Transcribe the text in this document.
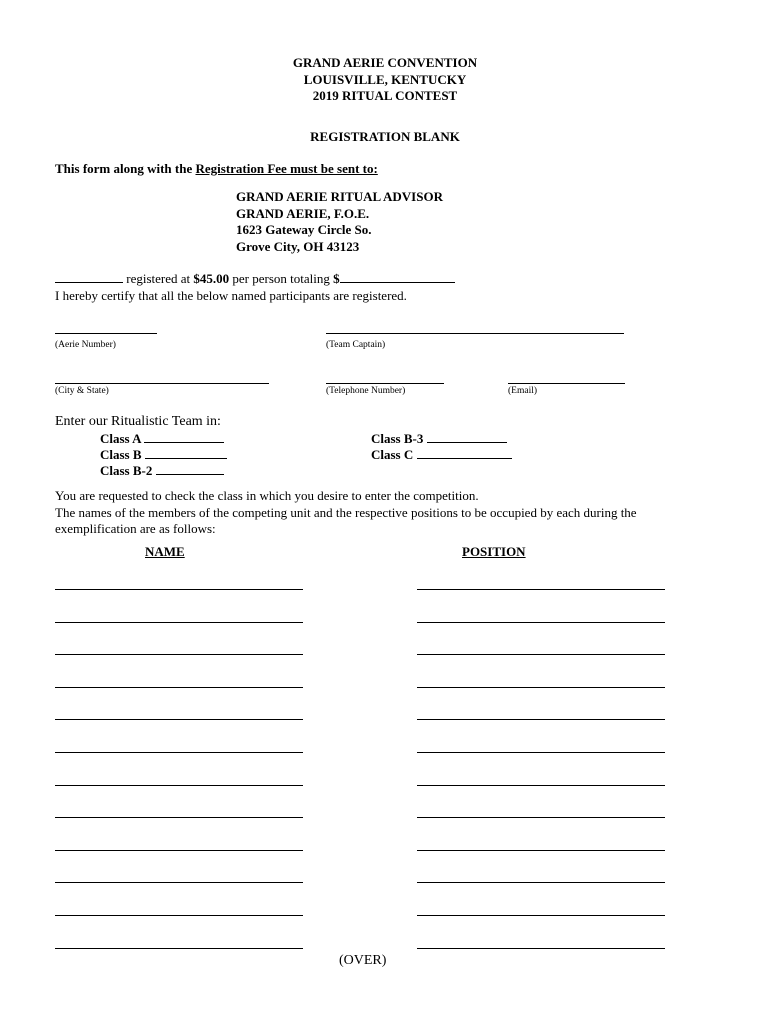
GRAND AERIE CONVENTION
LOUISVILLE, KENTUCKY
2019 RITUAL CONTEST
REGISTRATION BLANK
This form along with the Registration Fee must be sent to:
GRAND AERIE RITUAL ADVISOR
GRAND AERIE, F.O.E.
1623 Gateway Circle So.
Grove City, OH 43123
registered at $45.00 per person totaling $
I hereby certify that all the below named participants are registered.
(Aerie Number)	(Team Captain)
(City & State)	(Telephone Number)	(Email)
Enter our Ritualistic Team in:
Class A
Class B
Class B-2
Class B-3
Class C
You are requested to check the class in which you desire to enter the competition.
The names of the members of the competing unit and the respective positions to be occupied by each during the
exemplification are as follows:
NAME	POSITION
(OVER)
